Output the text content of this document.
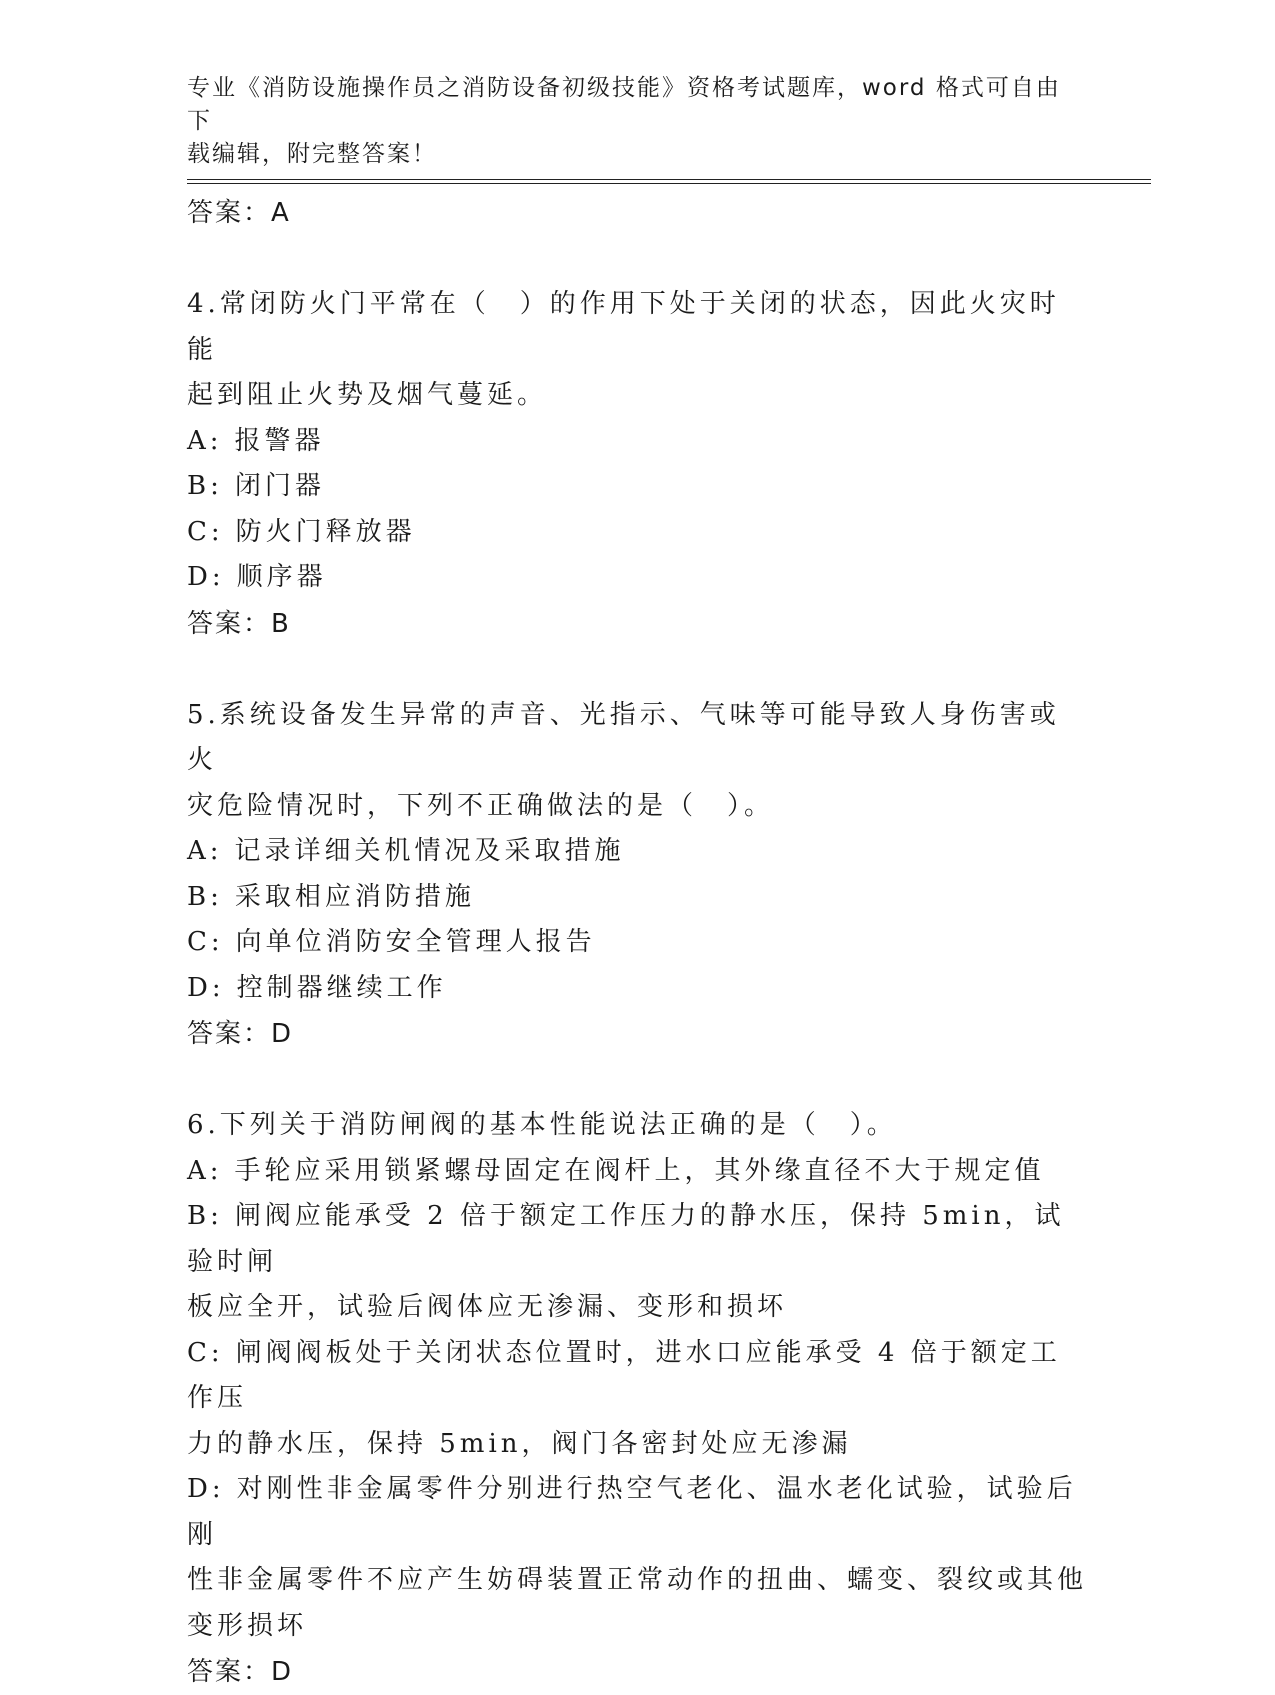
专业《消防设施操作员之消防设备初级技能》资格考试题库，word 格式可自由下
载编辑，附完整答案！
答案：A
4.常闭防火门平常在（　）的作用下处于关闭的状态，因此火灾时能
起到阻止火势及烟气蔓延。
A: 报警器
B: 闭门器
C: 防火门释放器
D: 顺序器
答案：B
5.系统设备发生异常的声音、光指示、气味等可能导致人身伤害或火
灾危险情况时，下列不正确做法的是（　）。
A: 记录详细关机情况及采取措施
B: 采取相应消防措施
C: 向单位消防安全管理人报告
D: 控制器继续工作
答案：D
6.下列关于消防闸阀的基本性能说法正确的是（　）。
A: 手轮应采用锁紧螺母固定在阀杆上，其外缘直径不大于规定值
B: 闸阀应能承受 2 倍于额定工作压力的静水压，保持 5min，试验时闸
板应全开，试验后阀体应无渗漏、变形和损坏
C: 闸阀阀板处于关闭状态位置时，进水口应能承受 4 倍于额定工作压
力的静水压，保持 5min，阀门各密封处应无渗漏
D: 对刚性非金属零件分别进行热空气老化、温水老化试验，试验后刚
性非金属零件不应产生妨碍装置正常动作的扭曲、蠕变、裂纹或其他
变形损坏
答案：D
